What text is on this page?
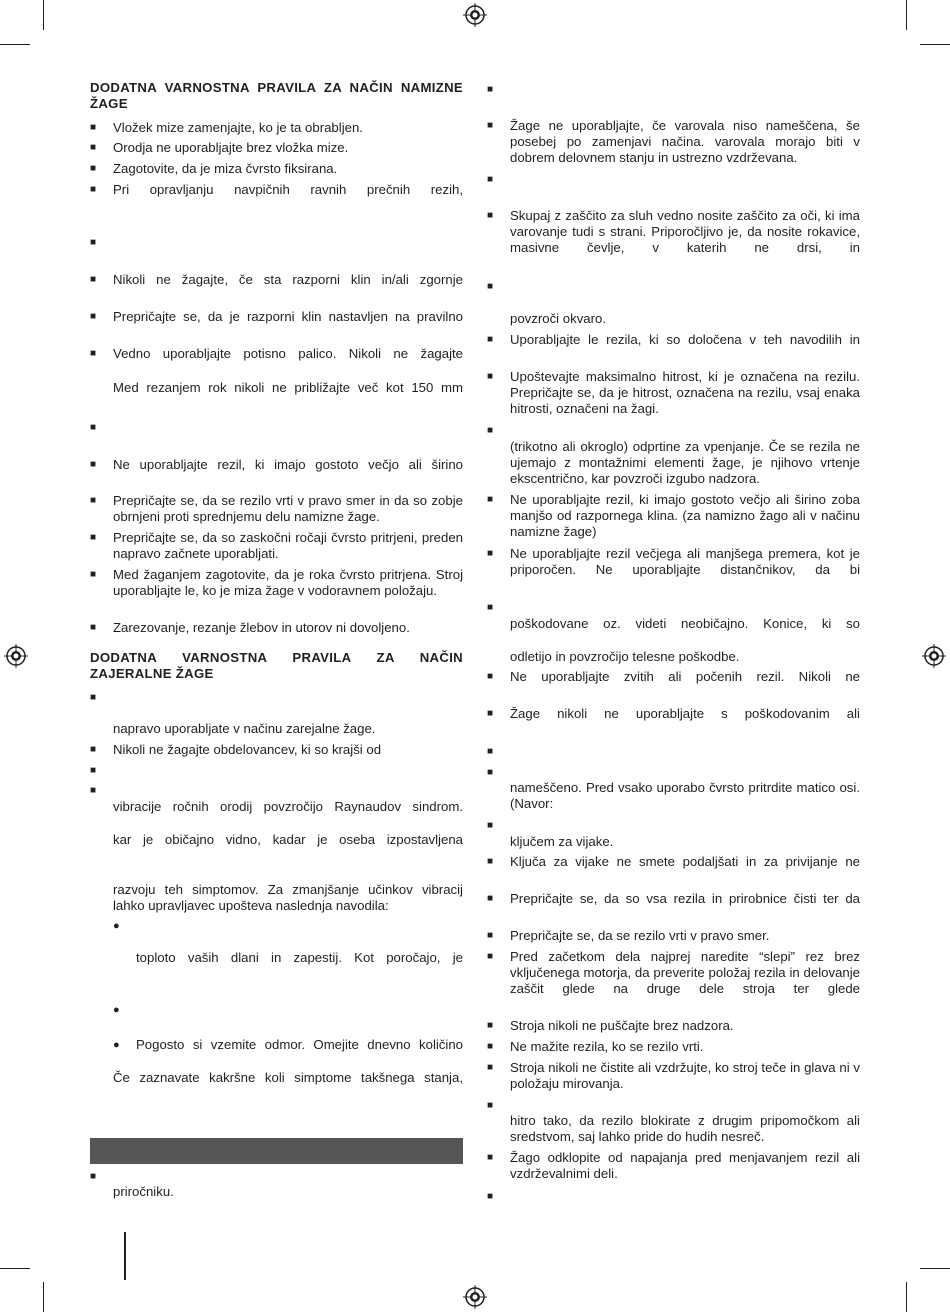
DODATNA VARNOSTNA PRAVILA ZA NAČIN NAMIZNE
ŽAGE
■ Vložek mize zamenjajte, ko je ta obrabljen.
■ Orodja ne uporabljajte brez vložka mize.
■ Zagotovite, da je miza čvrsto fiksirana.
■ Pri opravljanju navpičnih ravnih prečnih rezih,
■
■ Nikoli ne žagajte, če sta razporni klin in/ali zgornje
■ Prepričajte se, da je razporni klin nastavljen na pravilno
■ Vedno uporabljajte potisno palico. Nikoli ne žagajte
Med rezanjem rok nikoli ne približajte več kot 150 mm
■
■ Ne uporabljajte rezil, ki imajo gostoto večjo ali širino
■ Prepričajte se, da se rezilo vrti v pravo smer in da so zobje obrnjeni proti sprednjemu delu namizne žage.
■ Prepričajte se, da so zaskočni ročaji čvrsto pritrjeni, preden napravo začnete uporabljati.
■ Med žaganjem zagotovite, da je roka čvrsto pritrjena. Stroj uporabljajte le, ko je miza žage v vodoravnem položaju.
■ Zarezovanje, rezanje žlebov in utorov ni dovoljeno.
DODATNA VARNOSTNA PRAVILA ZA NAČIN
ZAJERALNE ŽAGE
■
napravo uporabljate v načinu zarejalne žage.
■ Nikoli ne žagajte obdelovancev, ki so krajši od
■
■
vibracije ročnih orodij povzročijo Raynaudov sindrom.
kar je običajno vidno, kadar je oseba izpostavljena
razvoju teh simptomov. Za zmanjšanje učinkov vibracij lahko upravljavec upošteva naslednja navodila:
●
toploto vaših dlani in zapestij. Kot poročajo, je
●
● Pogosto si vzemite odmor. Omejite dnevno količino
Če zaznavate kakršne koli simptome takšnega stanja,
■
priročniku.
■
■ Žage ne uporabljajte, če varovala niso nameščena, še posebej po zamenjavi načina. varovala morajo biti v dobrem delovnem stanju in ustrezno vzdrževana.
■
■ Skupaj z zaščito za sluh vedno nosite zaščito za oči, ki ima varovanje tudi s strani. Priporočljivo je, da nosite rokavice, masivne čevlje, v katerih ne drsi, in
■
povzroči okvaro.
■ Uporabljajte le rezila, ki so določena v teh navodilih in
■ Upoštevajte maksimalno hitrost, ki je označena na rezilu. Prepričajte se, da je hitrost, označena na rezilu, vsaj enaka hitrosti, označeni na žagi.
■
(trikotno ali okroglo) odprtine za vpenjanje. Če se rezila ne ujemajo z montažnimi elementi žage, je njihovo vrtenje ekscentrično, kar povzroči izgubo nadzora.
■ Ne uporabljajte rezil, ki imajo gostoto večjo ali širino zoba manjšo od razpornega klina. (za namizno žago ali v načinu namizne žage)
■ Ne uporabljajte rezil večjega ali manjšega premera, kot je priporočen. Ne uporabljajte distančnikov, da bi
■
poškodovane oz. videti neobičajno. Konice, ki so
odletijo in povzročijo telesne poškodbe.
■ Ne uporabljajte zvitih ali počenih rezil. Nikoli ne
■ Žage nikoli ne uporabljajte s poškodovanim ali
■
■
nameščeno. Pred vsako uporabo čvrsto pritrdite matico osi. (Navor:
■
ključem za vijake.
■ Ključa za vijake ne smete podaljšati in za privijanje ne
■ Prepričajte se, da so vsa rezila in prirobnice čisti ter da
■ Prepričajte se, da se rezilo vrti v pravo smer.
■ Pred začetkom dela najprej naredite “slepi” rez brez vključenega motorja, da preverite položaj rezila in delovanje zaščit glede na druge dele stroja ter glede
■ Stroja nikoli ne puščajte brez nadzora.
■ Ne mažite rezila, ko se rezilo vrti.
■ Stroja nikoli ne čistite ali vzdržujte, ko stroj teče in glava ni v položaju mirovanja.
■
hitro tako, da rezilo blokirate z drugim pripomočkom ali sredstvom, saj lahko pride do hudih nesreč.
■ Žago odklopite od napajanja pred menjavanjem rezil ali vzdrževalnimi deli.
■
